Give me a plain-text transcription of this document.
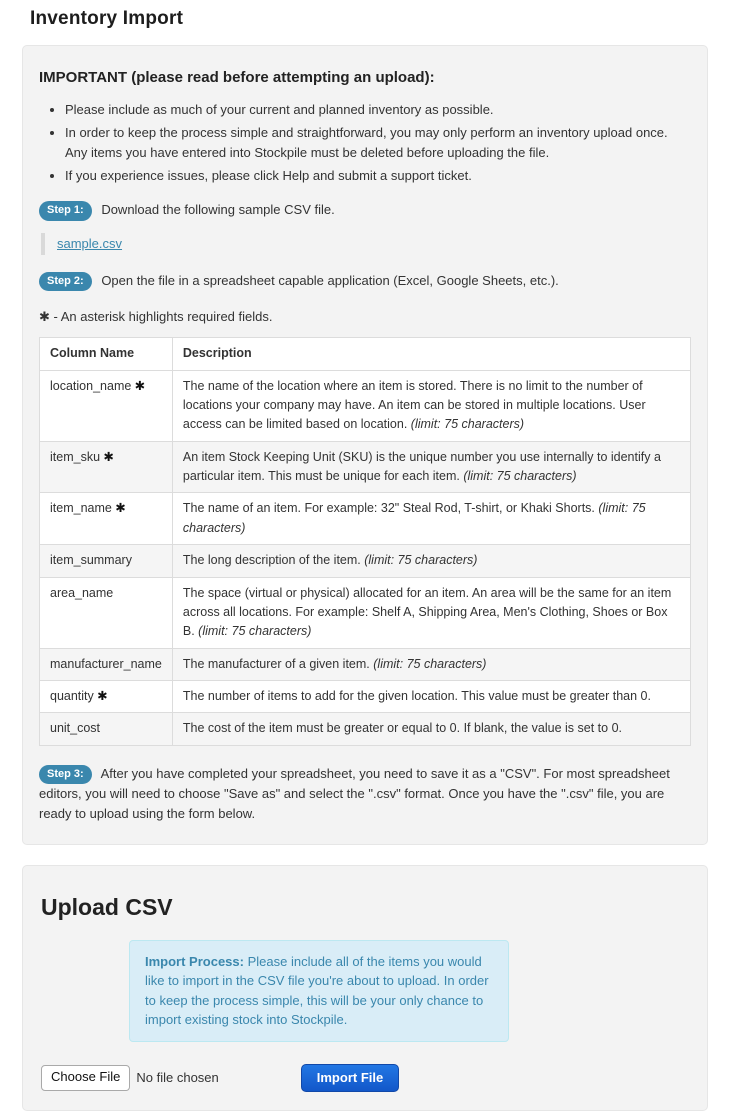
Inventory Import
IMPORTANT (please read before attempting an upload):
• Please include as much of your current and planned inventory as possible.
• In order to keep the process simple and straightforward, you may only perform an inventory upload once. Any items you have entered into Stockpile must be deleted before uploading the file.
• If you experience issues, please click Help and submit a support ticket.

Step 1: Download the following sample CSV file.

sample.csv

Step 2: Open the file in a spreadsheet capable application (Excel, Google Sheets, etc.).

✱ - An asterisk highlights required fields.

Column Name	Description
location_name ✱	The name of the location where an item is stored. There is no limit to the number of locations your company may have. An item can be stored in multiple locations. User access can be limited based on location. (limit: 75 characters)
item_sku ✱	An item Stock Keeping Unit (SKU) is the unique number you use internally to identify a particular item. This must be unique for each item. (limit: 75 characters)
item_name ✱	The name of an item. For example: 32" Steal Rod, T-shirt, or Khaki Shorts. (limit: 75 characters)
item_summary	The long description of the item. (limit: 75 characters)
area_name	The space (virtual or physical) allocated for an item. An area will be the same for an item across all locations. For example: Shelf A, Shipping Area, Men's Clothing, Shoes or Box B. (limit: 75 characters)
manufacturer_name	The manufacturer of a given item. (limit: 75 characters)
quantity ✱	The number of items to add for the given location. This value must be greater than 0.
unit_cost	The cost of the item must be greater or equal to 0. If blank, the value is set to 0.

Step 3: After you have completed your spreadsheet, you need to save it as a "CSV". For most spreadsheet editors, you will need to choose "Save as" and select the ".csv" format. Once you have the ".csv" file, you are ready to upload using the form below.

Upload CSV
Import Process: Please include all of the items you would like to import in the CSV file you're about to upload. In order to keep the process simple, this will be your only chance to import existing stock into Stockpile.
Choose File	No file chosen	Import File
